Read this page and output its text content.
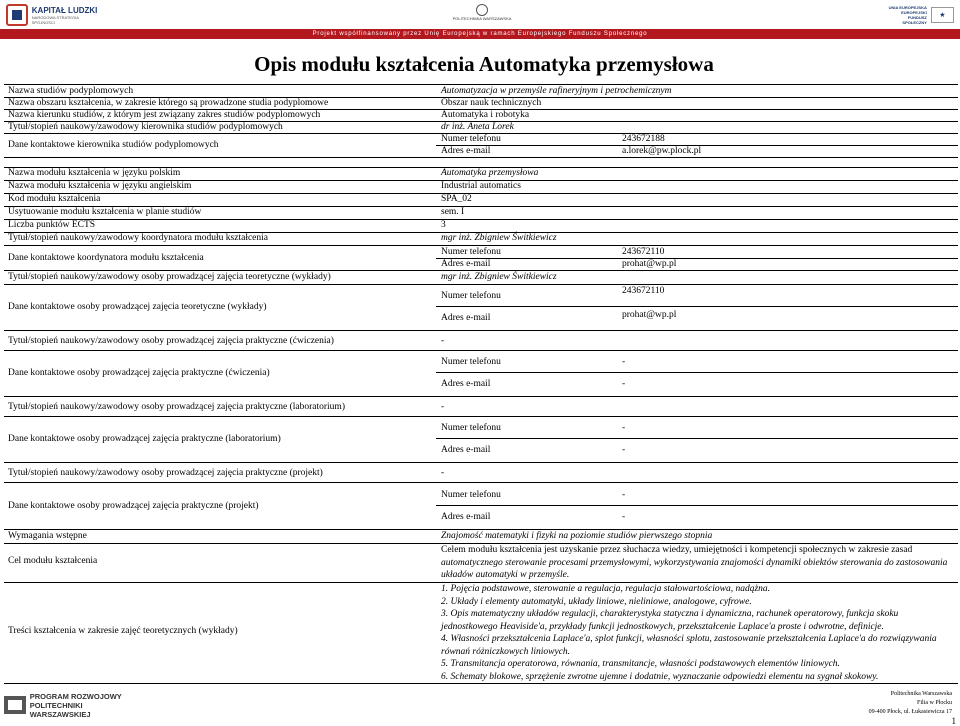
KAPITAŁ LUDZKI
NARODOWA STRATEGIA SPÓJNOŚCI
POLITECHNIKA WARSZAWSKA
UNIA EUROPEJSKA
EUROPEJSKI
FUNDUSZ SPOŁECZNY
★
Projekt współfinansowany przez Unię Europejską w ramach Europejskiego Funduszu Społecznego
Opis modułu kształcenia Automatyka przemysłowa
Nazwa studiów podyplomowych	Automatyzacja w przemyśle rafineryjnym i petrochemicznym
Nazwa obszaru kształcenia, w zakresie którego są prowadzone studia podyplomowe	Obszar nauk technicznych
Nazwa kierunku studiów, z którym jest związany zakres studiów podyplomowych	Automatyka i robotyka
Tytuł/stopień naukowy/zawodowy kierownika studiów podyplomowych	dr inż. Aneta Lorek
Dane kontaktowe kierownika studiów podyplomowych
Numer telefonu	243672188
Adres e-mail	a.lorek@pw.plock.pl
Nazwa modułu kształcenia w języku polskim	Automatyka przemysłowa
Nazwa modułu kształcenia w języku angielskim	Industrial automatics
Kod modułu kształcenia	SPA_02
Usytuowanie modułu kształcenia w planie studiów	sem. I
Liczba punktów ECTS	3
Tytuł/stopień naukowy/zawodowy koordynatora modułu kształcenia	mgr inż. Zbigniew Świtkiewicz
Dane kontaktowe koordynatora modułu kształcenia
Numer telefonu	243672110
Adres e-mail	prohat@wp.pl
Tytuł/stopień naukowy/zawodowy osoby prowadzącej zajęcia teoretyczne (wykłady)	mgr inż. Zbigniew Świtkiewicz
Dane kontaktowe osoby prowadzącej zajęcia teoretyczne (wykłady)
Numer telefonu	243672110
Adres e-mail	prohat@wp.pl
Tytuł/stopień naukowy/zawodowy osoby prowadzącej zajęcia praktyczne (ćwiczenia)	-
Dane kontaktowe osoby prowadzącej zajęcia praktyczne (ćwiczenia)
Numer telefonu	-
Adres e-mail	-
Tytuł/stopień naukowy/zawodowy osoby prowadzącej zajęcia praktyczne (laboratorium)	-
Dane kontaktowe osoby prowadzącej zajęcia praktyczne (laboratorium)
Numer telefonu	-
Adres e-mail	-
Tytuł/stopień naukowy/zawodowy osoby prowadzącej zajęcia praktyczne (projekt)	-
Dane kontaktowe osoby prowadzącej zajęcia praktyczne (projekt)
Numer telefonu	-
Adres e-mail	-
Wymagania wstępne	Znajomość matematyki i fizyki na poziomie studiów pierwszego stopnia
Cel modułu kształcenia
Celem modułu kształcenia jest uzyskanie przez słuchacza wiedzy, umiejętności i kompetencji społecznych w zakresie zasad
automatycznego sterowanie procesami przemysłowymi, wykorzystywania znajomości dynamiki obiektów sterowania do zastosowania
układów automatyki w przemyśle.
Treści kształcenia w zakresie zajęć teoretycznych (wykłady)
1. Pojęcia podstawowe, sterowanie a regulacja, regulacja stałowartościowa, nadążna.
2. Układy i elementy automatyki, układy liniowe, nieliniowe, analogowe, cyfrowe.
3. Opis matematyczny układów regulacji, charakterystyka statyczna i dynamiczna, rachunek operatorowy, funkcja skoku
jednostkowego Heaviside'a, przykłady funkcji jednostkowych, przekształcenie Laplace'a proste i odwrotne, definicje.
4. Własności przekształcenia Laplace'a, splot funkcji, własności splotu, zastosowanie przekształcenia Laplace'a do rozwiązywania
równań różniczkowych liniowych.
5. Transmitancja operatorowa, równania, transmitancje, własności podstawowych elementów liniowych.
6. Schematy blokowe, sprzężenie zwrotne ujemne i dodatnie, wyznaczanie odpowiedzi elementu na sygnał skokowy.
PROGRAM ROZWOJOWY
POLITECHNIKI WARSZAWSKIEJ
Politechnika Warszawska
Filia w Płocku
09-400 Płock, ul. Łukasiewicza 17
1
